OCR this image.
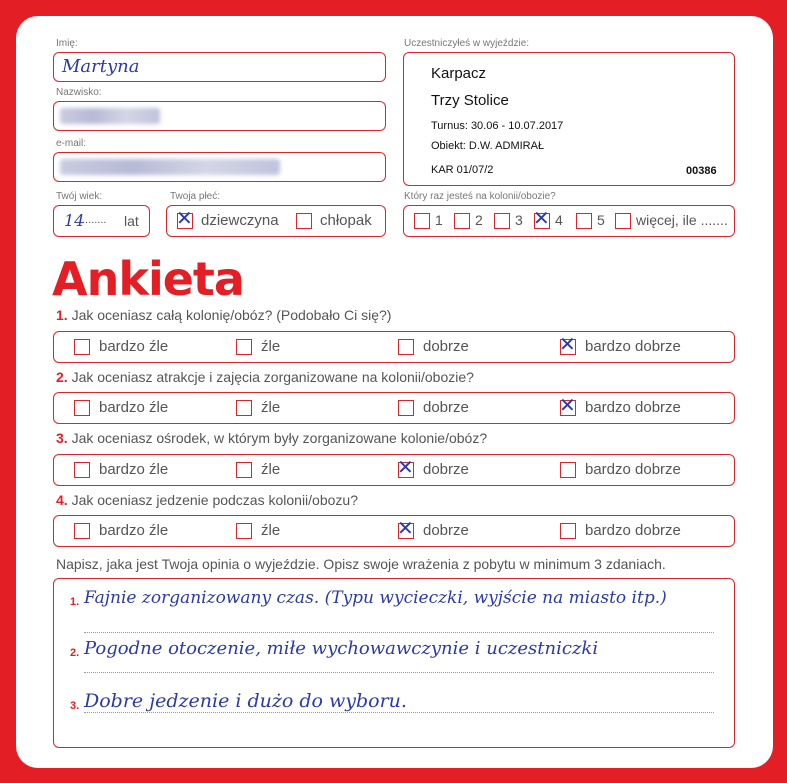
Imię:
Martyna
Nazwisko:
e-mail:
Uczestniczyłeś w wyjeździe:
Karpacz
Trzy Stolice
Turnus: 30.06 - 10.07.2017
Obiekt: D.W. ADMIRAŁ
KAR 01/07/2	00386
Twój wiek:
14
........ lat
Twoja płeć:
✕ dziewczyna	chłopak
Który raz jesteś na kolonii/obozie?
1 2 3 ✕ 4 5 więcej, ile .......
Ankieta
1. Jak oceniasz całą kolonię/obóz? (Podobało Ci się?)
bardzo źle	źle	dobrze	✕ bardzo dobrze
2. Jak oceniasz atrakcje i zajęcia zorganizowane na kolonii/obozie?
bardzo źle	źle	dobrze	✕ bardzo dobrze
3. Jak oceniasz ośrodek, w którym były zorganizowane kolonie/obóz?
bardzo źle	źle	✕ dobrze	bardzo dobrze
4. Jak oceniasz jedzenie podczas kolonii/obozu?
bardzo źle	źle	✕ dobrze	bardzo dobrze
Napisz, jaka jest Twoja opinia o wyjeździe. Opisz swoje wrażenia z pobytu w minimum 3 zdaniach.
1. Fajnie zorganizowany czas. (Typu wycieczki, wyjście na miasto itp.)
2. Pogodne otoczenie, miłe wychowawczynie i uczestniczki
3. Dobre jedzenie i dużo do wyboru.
